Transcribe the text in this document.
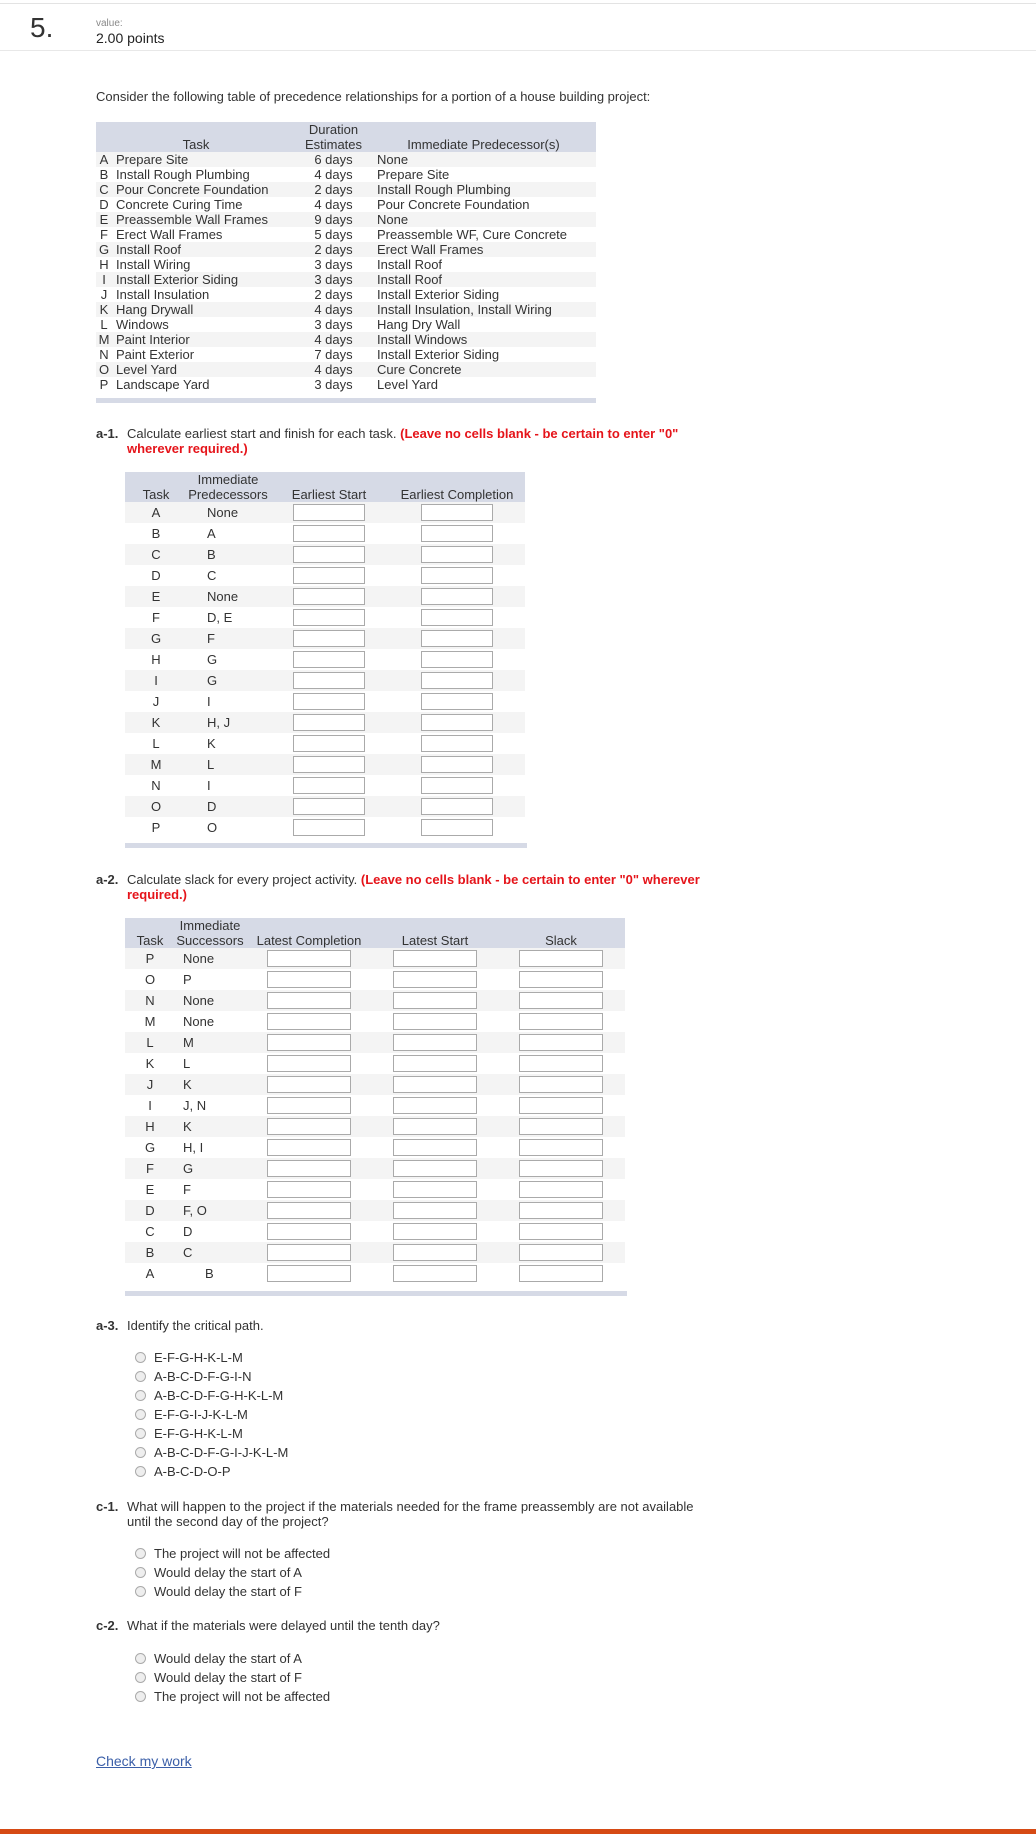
5.	value:
2.00 points
Consider the following table of precedence relationships for a portion of a house building project:
Task		Duration
Estimates	Immediate Predecessor(s)
A	Prepare Site	6 days	None
B	Install Rough Plumbing	4 days	Prepare Site
C	Pour Concrete Foundation	2 days	Install Rough Plumbing
D	Concrete Curing Time	4 days	Pour Concrete Foundation
E	Preassemble Wall Frames	9 days	None
F	Erect Wall Frames	5 days	Preassemble WF, Cure Concrete
G	Install Roof	2 days	Erect Wall Frames
H	Install Wiring	3 days	Install Roof
I	Install Exterior Siding	3 days	Install Roof
J	Install Insulation	2 days	Install Exterior Siding
K	Hang Drywall	4 days	Install Insulation, Install Wiring
L	Windows	3 days	Hang Dry Wall
M	Paint Interior	4 days	Install Windows
N	Paint Exterior	7 days	Install Exterior Siding
O	Level Yard	4 days	Cure Concrete
P	Landscape Yard	3 days	Level Yard
a-1. Calculate earliest start and finish for each task. (Leave no cells blank - be certain to enter "0"
wherever required.)
Task	Immediate
Predecessors	Earliest Start	Earliest Completion
A	None	

B	A	

C	B	

D	C	

E	None	

F	D, E	

G	F	

H	G	

I	G	

J	I	

K	H, J	

L	K	

M	L	

N	I	

O	D	

P	O	

a-2. Calculate slack for every project activity. (Leave no cells blank - be certain to enter "0" wherever
required.)
Task	Immediate
Successors	Latest Completion	Latest Start	Slack
P	None	

O	P	

N	None	

M	None	

L	M	

K	L	

J	K	

I	J, N	

H	K	

G	H, I	

F	G	

E	F	

D	F, O	

C	D	

B	C	

A	B	

a-3. Identify the critical path.
E-F-G-H-K-L-M
A-B-C-D-F-G-I-N
A-B-C-D-F-G-H-K-L-M
E-F-G-I-J-K-L-M
E-F-G-H-K-L-M
A-B-C-D-F-G-I-J-K-L-M
A-B-C-D-O-P
c-1. What will happen to the project if the materials needed for the frame preassembly are not available
until the second day of the project?
The project will not be affected
Would delay the start of A
Would delay the start of F
c-2. What if the materials were delayed until the tenth day?
Would delay the start of A
Would delay the start of F
The project will not be affected
Check my work
